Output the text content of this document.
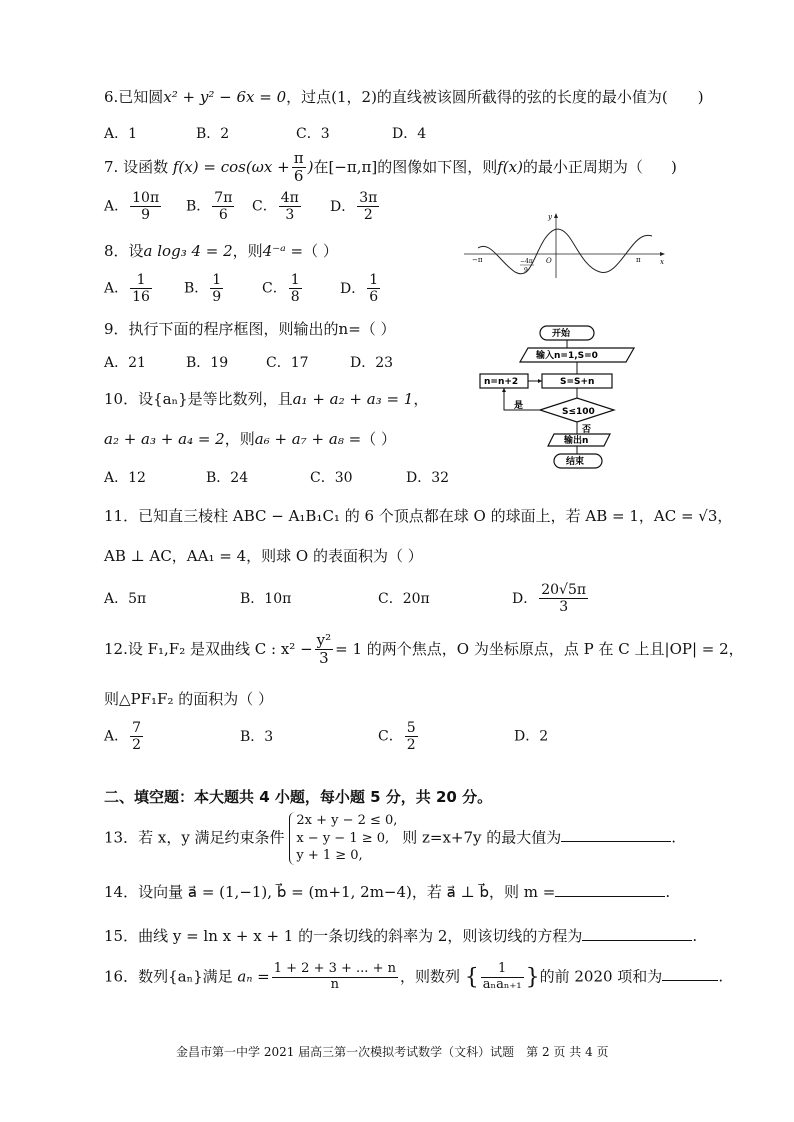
6.已知圆x² + y² − 6x = 0，过点(1，2)的直线被该圆所截得的弦的长度的最小值为( )
A．1	B．2	C．3	D．4
7. 设函数 $f(x) = \cos(\omega x + \frac{\pi}{6}$ )在[−π,π]的图像如下图，则f(x)的最小正周期为（ )
A． $\frac{10\pi}{9}$ B． $\frac{7\pi}{6}$ C． $\frac{4\pi}{3}$ D． $\frac{3\pi}{2}$	y
x
−π	π
O
−4π
9
8．设a log₃ 4 = 2，则4⁻ᵃ =（ ）
A． $\frac{1}{16}$ B． $\frac{1}{9}$	C． $\frac{1}{8}$	D． $\frac{1}{6}$
9．执行下面的程序框图，则输出的n=（ ）
A．21	B．19	C．17	D．23
开始
输入n=1,S=0
S=S+n
n=n+2
S≤100
是
否
输出n
结束
10．设{aₙ}是等比数列，且a₁ + a₂ + a₃ = 1，
a₂ + a₃ + a₄ = 2，则a₆ + a₇ + a₈ =（ ）
A．12	B．24	C．30	D．32
11．已知直三棱柱 ABC − A₁B₁C₁ 的 6 个顶点都在球 O 的球面上，若 AB = 1，AC = √3，
AB ⊥ AC，AA₁ = 4，则球 O 的表面积为（ ）
A．5π	B．10π	C．20π	D． $\frac{20√5\pi}{3}$
12.设 F₁,F₂ 是双曲线 C : $x^2 - \frac{\text{y²}}{3} = 1$ 的两个焦点，O 为坐标原点，点 P 在 C 上且|OP| = 2，
则△PF₁F₂ 的面积为（ ）
A． $\frac{7}{2}$	B．3	C． $\frac{5}{2}$	D．2
二、填空题：本大题共 4 小题，每小题 5 分，共 20 分。
13．若 x，y 满足约束条件
2x + y − 2 ≤ 0,
x − y − 1 ≥ 0,
y + 1 ≥ 0,
则 z=x+7y 的最大值为	.
14．设向量 a⃗ = (1,−1), b⃗ = (m+1, 2m−4)，若 a⃗ ⊥ b⃗，则 m =	.
15．曲线 y = ln x + x + 1 的一条切线的斜率为 2，则该切线的方程为	.
16．数列{aₙ}满足 $a_n = \frac{1 + 2 + 3 + ... + n}{n}$ ，则数列 { $\frac{1}{\text{aₙaₙ₊₁}}$ }的前 2020 项和为	.
金昌市第一中学 2021 届高三第一次模拟考试数学（文科）试题　第 2 页 共 4 页
